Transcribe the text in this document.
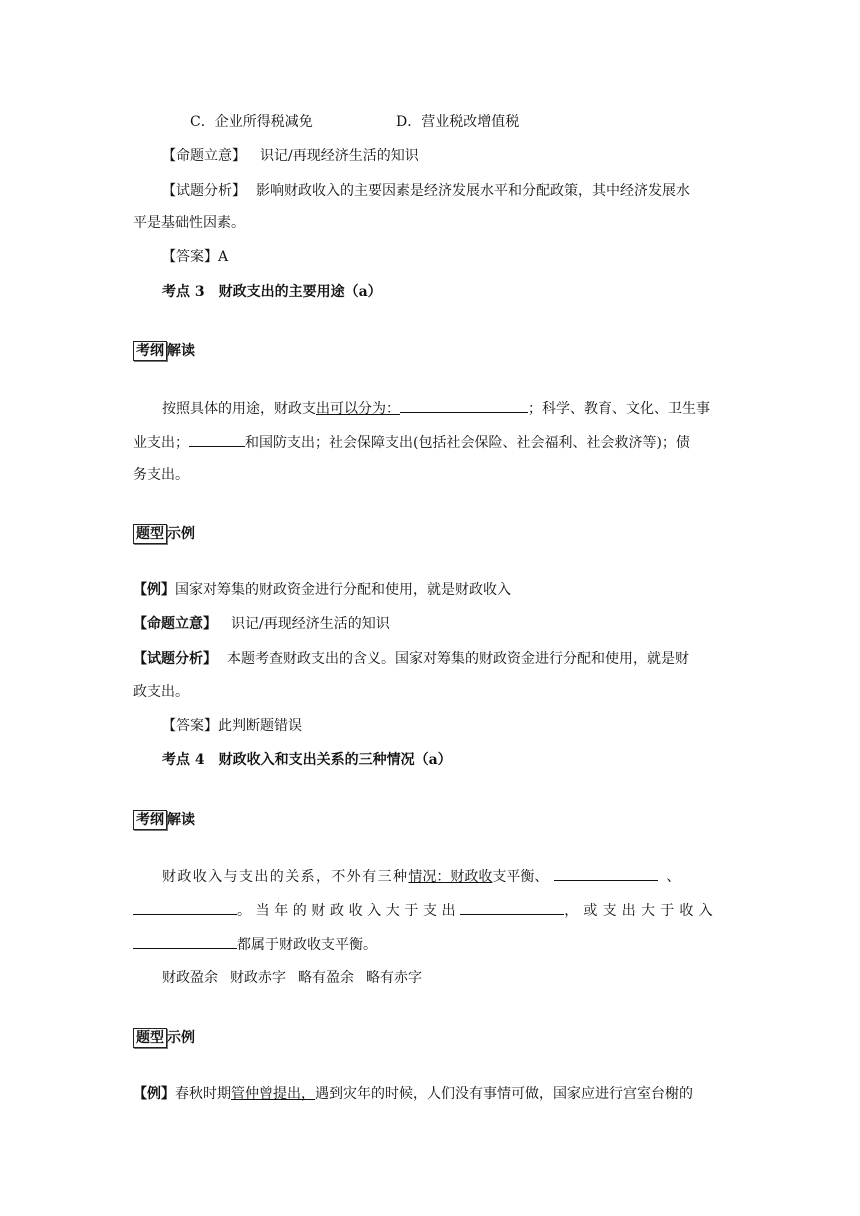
C．企业所得税减免	D．营业税改增值税
【命题立意】 识记/再现经济生活的知识
【试题分析】 影响财政收入的主要因素是经济发展水平和分配政策，其中经济发展水
平是基础性因素。
【答案】A
考点 3　财政支出的主要用途（a）
考纲 解读
按照具体的用途，财政支出可以分为：	；科学、教育、文化、卫生事
业支出；	和国防支出；社会保障支出(包括社会保险、社会福利、社会救济等)；债
务支出。
题型 示例
【例】国家对筹集的财政资金进行分配和使用，就是财政收入
【命题立意】 识记/再现经济生活的知识
【试题分析】 本题考查财政支出的含义。国家对筹集的财政资金进行分配和使用，就是财
政支出。
【答案】此判断题错误
考点 4　财政收入和支出关系的三种情况（a）
考纲 解读
财政收入与支出的关系，不外有三种情况：财政收支平衡、	、
。当年的财政收入大于支出	，或支出大于收入
都属于财政收支平衡。
财政盈余 财政赤字 略有盈余 略有赤字
题型 示例
【例】春秋时期管仲曾提出，遇到灾年的时候，人们没有事情可做，国家应进行宫室台榭的
